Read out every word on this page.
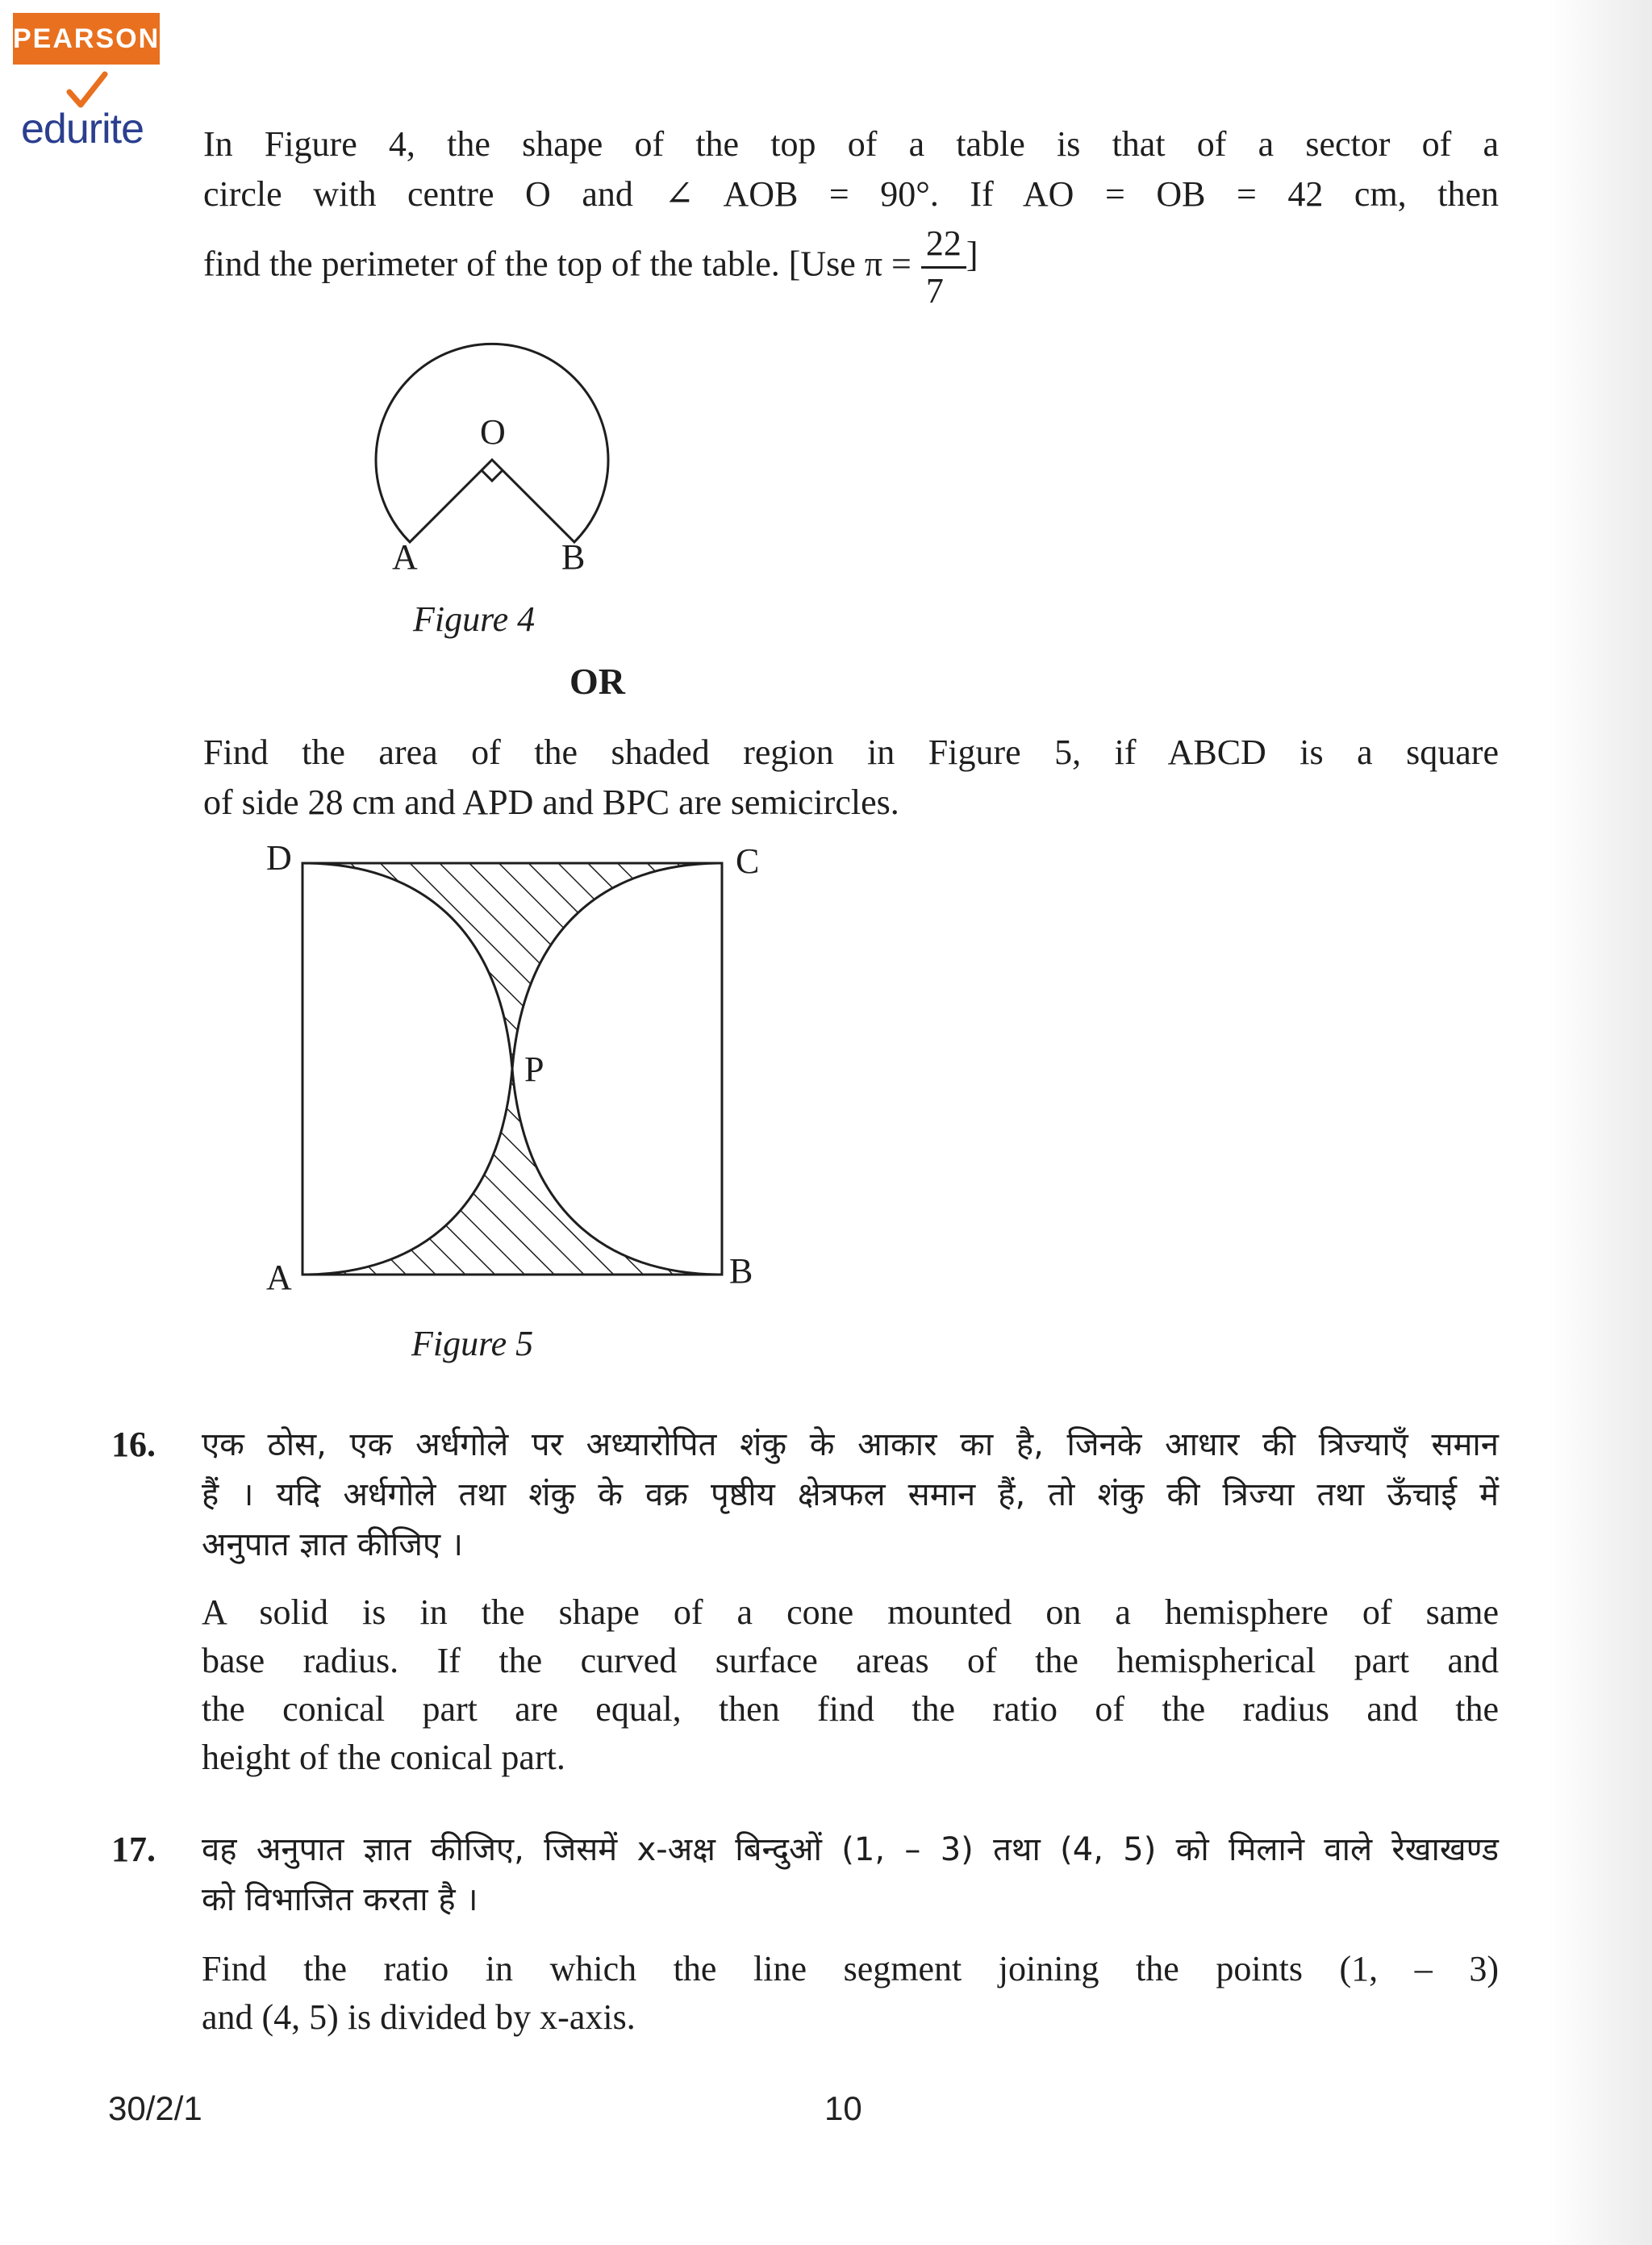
PEARSON
edurite In Figure 4, the shape of the top of a table is that of a sector of a

circle with centre O and ∠ AOB = 90°. If AO = OB = 42 cm, then

find the perimeter of the top of the table. [Use $\pi = \frac{22}{7}$ ]
O
A	B
Figure 4
OR

Find the area of the shaded region in Figure 5, if ABCD is a square

of side 28 cm and APD and BPC are semicircles.

D	C
P
A	B
Figure 5
16. एक ठोस, एक अर्धगोले पर अध्यारोपित शंकु के आकार का है, जिनके आधार की त्रिज्याएँ समान

हैं । यदि अर्धगोले तथा शंकु के वक्र पृष्ठीय क्षेत्रफल समान हैं, तो शंकु की त्रिज्या तथा ऊँचाई में

अनुपात ज्ञात कीजिए ।

A solid is in the shape of a cone mounted on a hemisphere of same

base radius. If the curved surface areas of the hemispherical part and

the conical part are equal, then find the ratio of the radius and the

height of the conical part.

17. वह अनुपात ज्ञात कीजिए, जिसमें x-अक्ष बिन्दुओं (1, – 3) तथा (4, 5) को मिलाने वाले रेखाखण्ड

को विभाजित करता है ।

Find the ratio in which the line segment joining the points (1, – 3)

and (4, 5) is divided by x-axis.

30/2/1	10
